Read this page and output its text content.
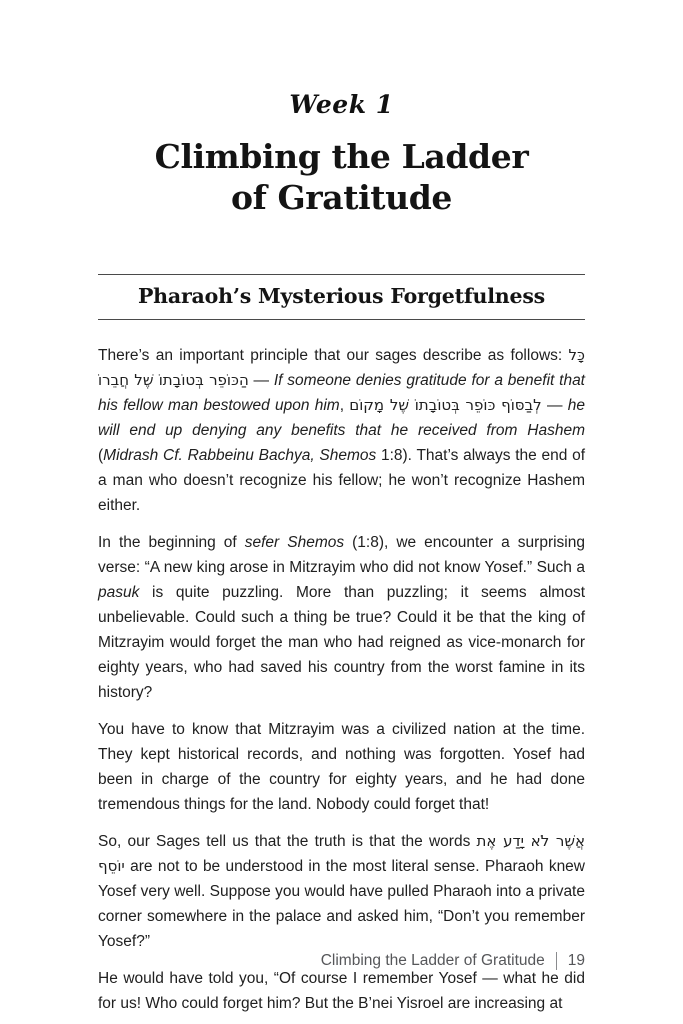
Week 1
Climbing the Ladder
of Gratitude
Pharaoh’s Mysterious Forgetfulness

There’s an important principle that our sages describe as follows: כָּל הַכּוֹפֵר בְּטוֹבָתוֹ שֶׁל חֲבֵרוֹ — If someone denies gratitude for a benefit that his fellow man bestowed upon him, לְבַסּוֹף כּוֹפֵר בְּטוֹבָתוֹ שֶׁל מָקוֹם — he will end up denying any benefits that he received from Hashem (Midrash Cf. Rabbeinu Bachya, Shemos 1:8). That’s always the end of a man who doesn’t recognize his fellow; he won’t recognize Hashem either.

In the beginning of sefer Shemos (1:8), we encounter a surprising verse: “A new king arose in Mitzrayim who did not know Yosef.” Such a pasuk is quite puzzling. More than puzzling; it seems almost unbelievable. Could such a thing be true? Could it be that the king of Mitzrayim would forget the man who had reigned as vice-monarch for eighty years, who had saved his country from the worst famine in its history?

You have to know that Mitzrayim was a civilized nation at the time. They kept historical records, and nothing was forgotten. Yosef had been in charge of the country for eighty years, and he had done tremendous things for the land. Nobody could forget that!

So, our Sages tell us that the truth is that the words אֲשֶׁר לֹא יָדַע אֶת יוֹסֵף are not to be understood in the most literal sense. Pharaoh knew Yosef very well. Suppose you would have pulled Pharaoh into a private corner somewhere in the palace and asked him, “Don’t you remember Yosef?”

He would have told you, “Of course I remember Yosef — what he did for us! Who could forget him? But the B’nei Yisroel are increasing at

Climbing the Ladder of Gratitude 19
